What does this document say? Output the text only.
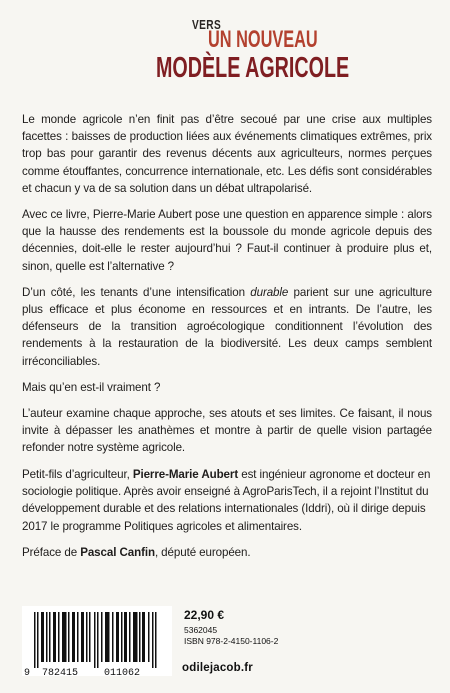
VERS
UN NOUVEAU
MODÈLE AGRICOLE

Le monde agricole n’en finit pas d’être secoué par une crise aux multiples facettes : baisses de production liées aux événements climatiques extrêmes, prix trop bas pour garantir des revenus décents aux agriculteurs, normes perçues comme étouffantes, concurrence internationale, etc. Les défis sont considérables et chacun y va de sa solution dans un débat ultrapolarisé.

Avec ce livre, Pierre-Marie Aubert pose une question en apparence simple : alors que la hausse des rendements est la boussole du monde agricole depuis des décennies, doit-elle le rester aujourd’hui ? Faut-il continuer à produire plus et, sinon, quelle est l’alternative ?

D’un côté, les tenants d’une intensification durable parient sur une agriculture plus efficace et plus économe en ressources et en intrants. De l’autre, les défenseurs de la transition agroécologique conditionnent l’évolution des rendements à la restauration de la biodiversité. Les deux camps semblent irréconciliables.

Mais qu’en est-il vraiment ?

L’auteur examine chaque approche, ses atouts et ses limites. Ce faisant, il nous invite à dépasser les anathèmes et montre à partir de quelle vision partagée refonder notre système agricole.

Petit-fils d’agriculteur, Pierre-Marie Aubert est ingénieur agronome et docteur en sociologie politique. Après avoir enseigné à AgroParisTech, il a rejoint l’Institut du développement durable et des relations internationales (Iddri), où il dirige depuis 2017 le programme Politiques agricoles et alimentaires.

Préface de Pascal Canfin, député européen.

9 782415	011062
22,90 €
5362045
ISBN 978-2-4150-1106-2
odilejacob.fr
